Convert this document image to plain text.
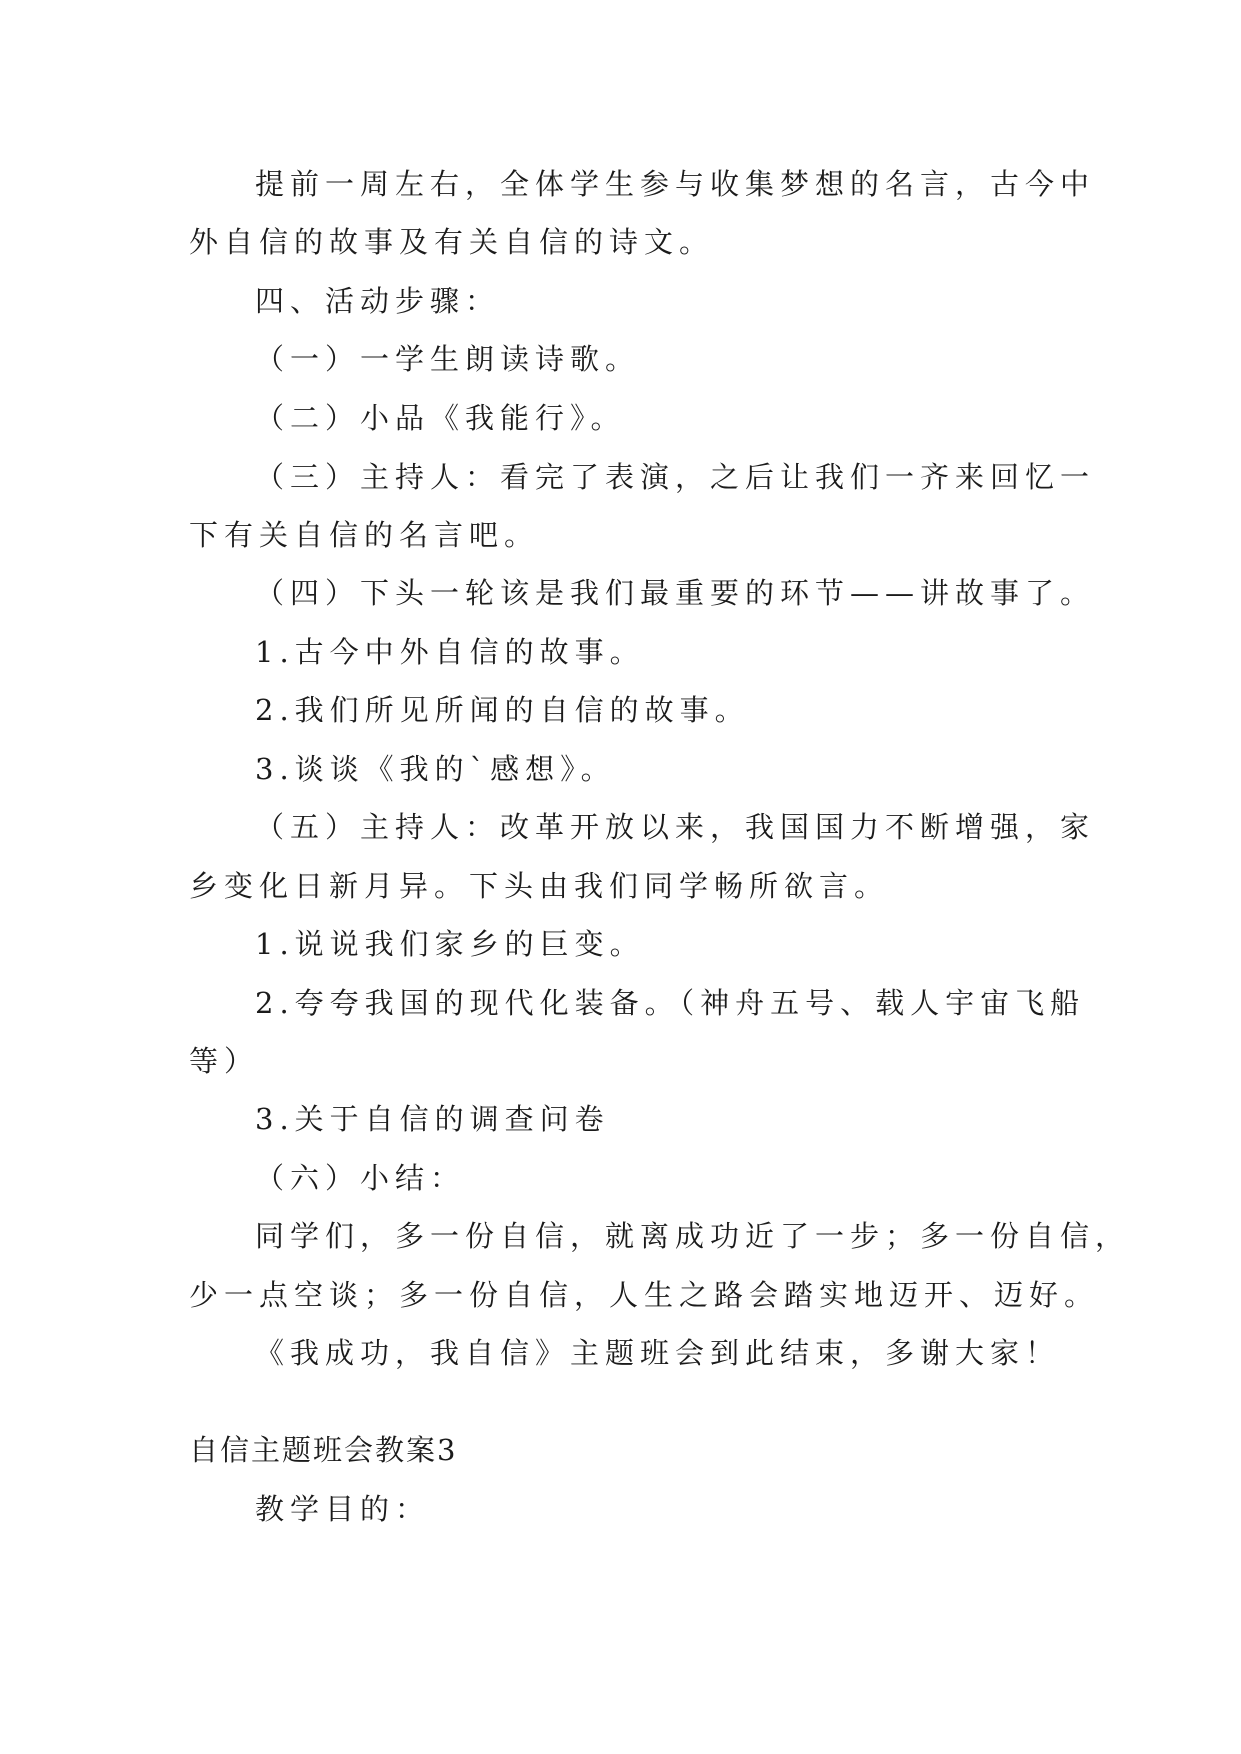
提前一周左右，全体学生参与收集梦想的名言，古今中
外自信的故事及有关自信的诗文。
四、活动步骤：
（一）一学生朗读诗歌。
（二）小品《我能行》。
（三）主持人：看完了表演，之后让我们一齐来回忆一
下有关自信的名言吧。
（四）下头一轮该是我们最重要的环节——讲故事了。
1.古今中外自信的故事。
2.我们所见所闻的自信的故事。
3.谈谈《我的`感想》。
（五）主持人：改革开放以来，我国国力不断增强，家
乡变化日新月异。下头由我们同学畅所欲言。
1.说说我们家乡的巨变。
2.夸夸我国的现代化装备。（神舟五号、载人宇宙飞船
等）
3.关于自信的调查问卷
（六）小结：
同学们，多一份自信，就离成功近了一步；多一份自信，
少一点空谈；多一份自信，人生之路会踏实地迈开、迈好。
《我成功，我自信》主题班会到此结束，多谢大家！
自信主题班会教案3
教学目的：
